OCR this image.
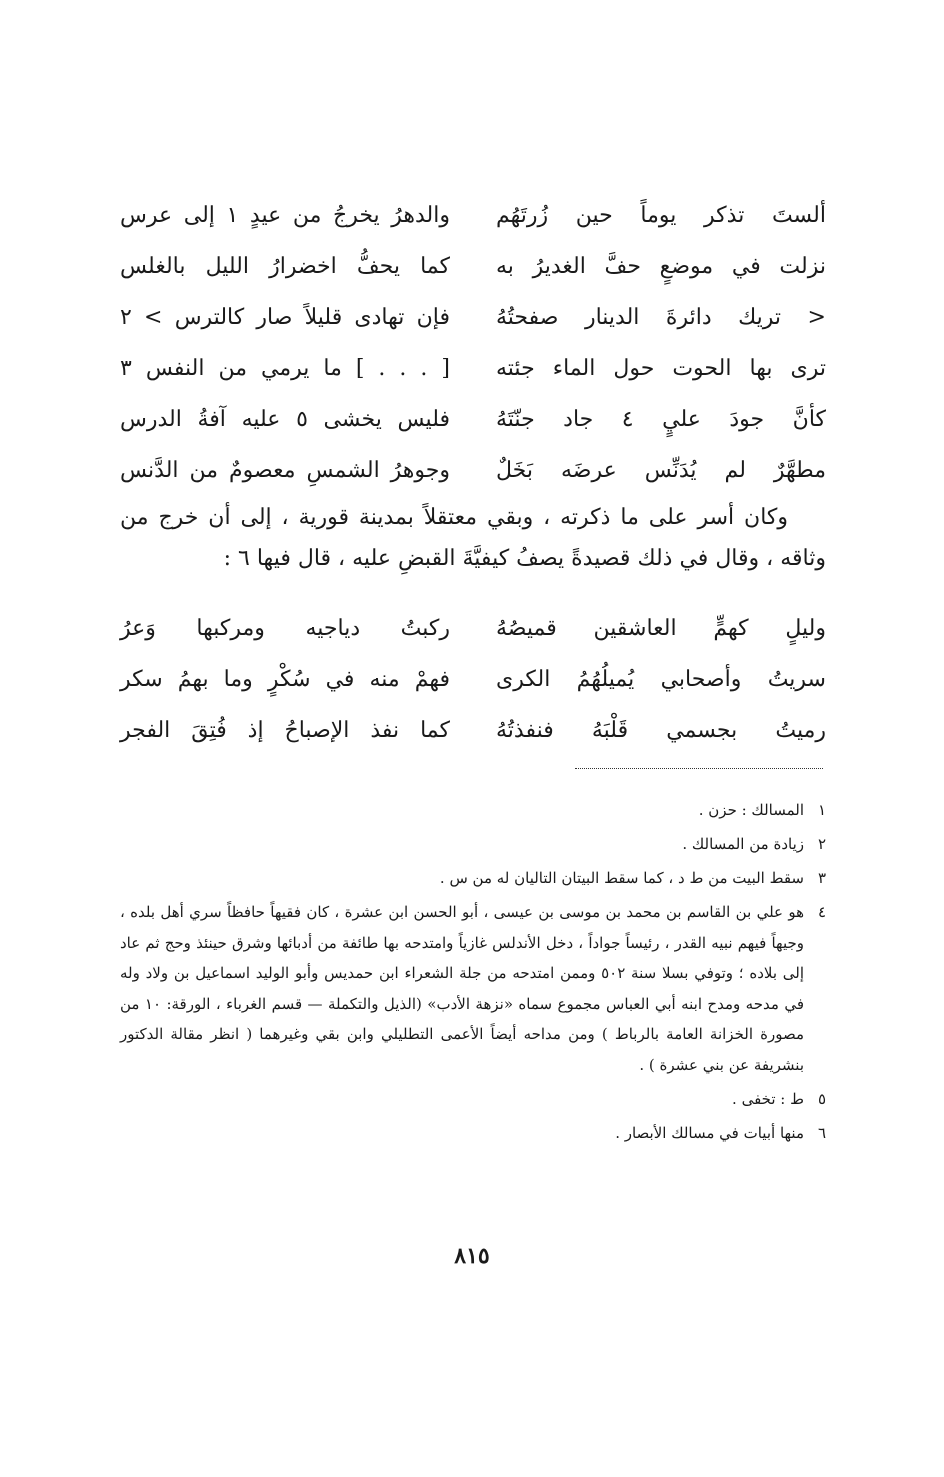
ألستَ تذكر يوماً حين زُرتَهُم
والدهرُ يخرجُ من عيدٍ ١ إلى عرس
نزلت في موضعٍ حفَّ الغديرُ به
كما يحفُّ اخضرارُ الليل بالغلس
< تريك دائرةَ الدينار صفحتُهُ
فإن تهادى قليلاً صار كالترس > ٢
ترى بها الحوت حول الماء جئته
[ . . . ] ما يرمي من النفس ٣
كأنَّ جودَ عليٍ ٤ جاد جنّتَهُ
فليس يخشى ٥ عليه آفةُ الدرس
مطهَّرٌ لم يُدَنِّس عرضَه بَخَلٌ
وجوهرُ الشمسِ معصومٌ من الدَّنس

وكان أسر على ما ذكرته ، وبقي معتقلاً بمدينة قورية ، إلى أن خرج من وثاقه ، وقال في ذلك قصيدةً يصفُ كيفيَّةَ القبضِ عليه ، قال فيها ٦ :

وليلٍ كهمٍّ العاشقين قميصُهُ
ركبتُ دياجيه ومركبها وَعرُ
سريتُ وأصحابي يُميلُهُمُ الكرى
فهمْ منه في سُكْرٍ وما بهمُ سكر
رميتُ بجسمي قَلْبَهُ فنفذتُهُ
كما نفذ الإصباحُ إذ فُتِقَ الفجر
١
المسالك : حزن .
٢
زيادة من المسالك .
٣
سقط البيت من ط د ، كما سقط البيتان التاليان له من س .
٤
هو علي بن القاسم بن محمد بن موسى بن عيسى ، أبو الحسن ابن عشرة ، كان فقيهاً حافظاً سري أهل بلده ، وجيهاً فيهم نبيه القدر ، رئيساً جواداً ، دخل الأندلس غازياً وامتدحه بها طائفة من أدبائها وشرق حينئذ وحج ثم عاد إلى بلاده ؛ وتوفي بسلا سنة ٥٠٢ وممن امتدحه من جلة الشعراء ابن حمديس وأبو الوليد اسماعيل بن ولاد وله في مدحه ومدح ابنه أبي العباس مجموع سماه «نزهة الأدب» (الذيل والتكملة — قسم الغرباء ، الورقة: ١٠ من مصورة الخزانة العامة بالرباط ) ومن مداحه أيضاً الأعمى التطليلي وابن بقي وغيرهما ( انظر مقالة الدكتور بنشريفة عن بني عشرة ) .
٥
ط : تخفى .
٦
منها أبيات في مسالك الأبصار .
٨١٥
